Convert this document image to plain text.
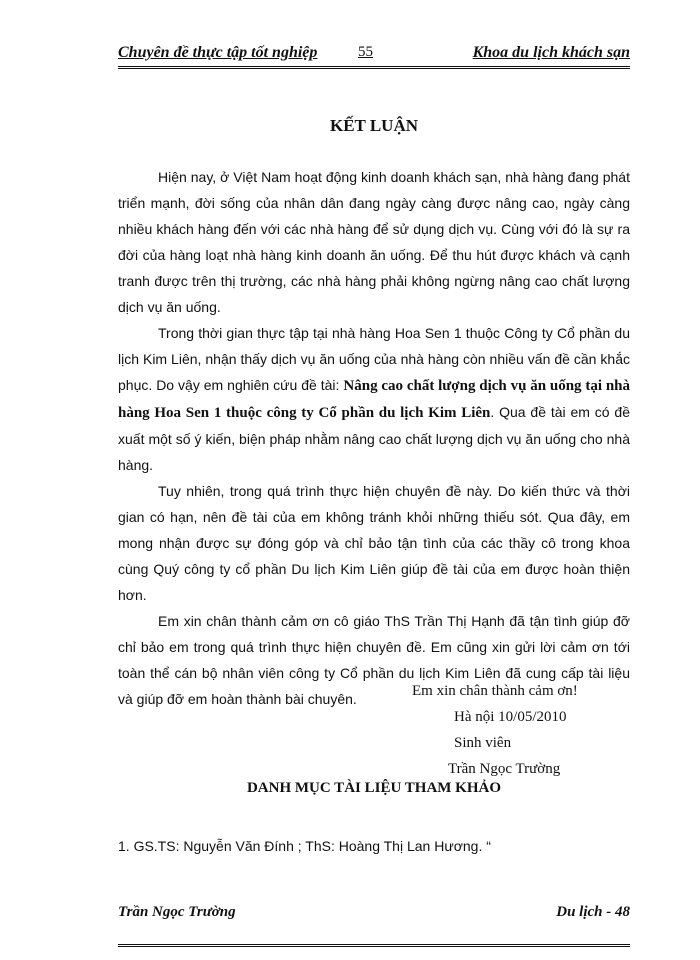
Chuyên đề thực tập tốt nghiệp	55	Khoa du lịch khách sạn
KẾT LUẬN

Hiện nay, ở Việt Nam hoạt động kinh doanh khách sạn, nhà hàng đang phát triển mạnh, đời sống của nhân dân đang ngày càng được nâng cao, ngày càng nhiều khách hàng đến với các nhà hàng để sử dụng dịch vụ. Cùng với đó là sự ra đời của hàng loạt nhà hàng kinh doanh ăn uống. Để thu hút được khách và cạnh tranh được trên thị trường, các nhà hàng phải không ngừng nâng cao chất lượng dịch vụ ăn uống.

Trong thời gian thực tập tại nhà hàng Hoa Sen 1 thuộc Công ty Cổ phần du lịch Kim Liên, nhận thấy dịch vụ ăn uống của nhà hàng còn nhiều vấn đề cần khắc phục. Do vậy em nghiên cứu đề tài: Nâng cao chất lượng dịch vụ ăn uống tại nhà hàng Hoa Sen 1 thuộc công ty Cổ phần du lịch Kim Liên. Qua đề tài em có đề xuất một số ý kiến, biện pháp nhằm nâng cao chất lượng dịch vụ ăn uống cho nhà hàng.

Tuy nhiên, trong quá trình thực hiện chuyên đề này. Do kiến thức và thời gian có hạn, nên đề tài của em không tránh khỏi những thiếu sót. Qua đây, em mong nhận được sự đóng góp và chỉ bảo tận tình của các thầy cô trong khoa cùng Quý công ty cổ phần Du lịch Kim Liên giúp đề tài của em được hoàn thiện hơn.

Em xin chân thành cảm ơn cô giáo ThS Trần Thị Hạnh đã tận tình giúp đỡ chỉ bảo em trong quá trình thực hiện chuyên đề. Em cũng xin gửi lời cảm ơn tới toàn thể cán bộ nhân viên công ty Cổ phần du lịch Kim Liên đã cung cấp tài liệu và giúp đỡ em hoàn thành bài chuyên.	Em xin chân thành cảm ơn!
Hà nội 10/05/2010
Sinh viên
Trần Ngọc Trường
DANH MỤC TÀI LIỆU THAM KHẢO
1. GS.TS: Nguyễn Văn Đính ; ThS: Hoàng Thị Lan Hương. “
Trần Ngọc Trường	Du lịch - 48
